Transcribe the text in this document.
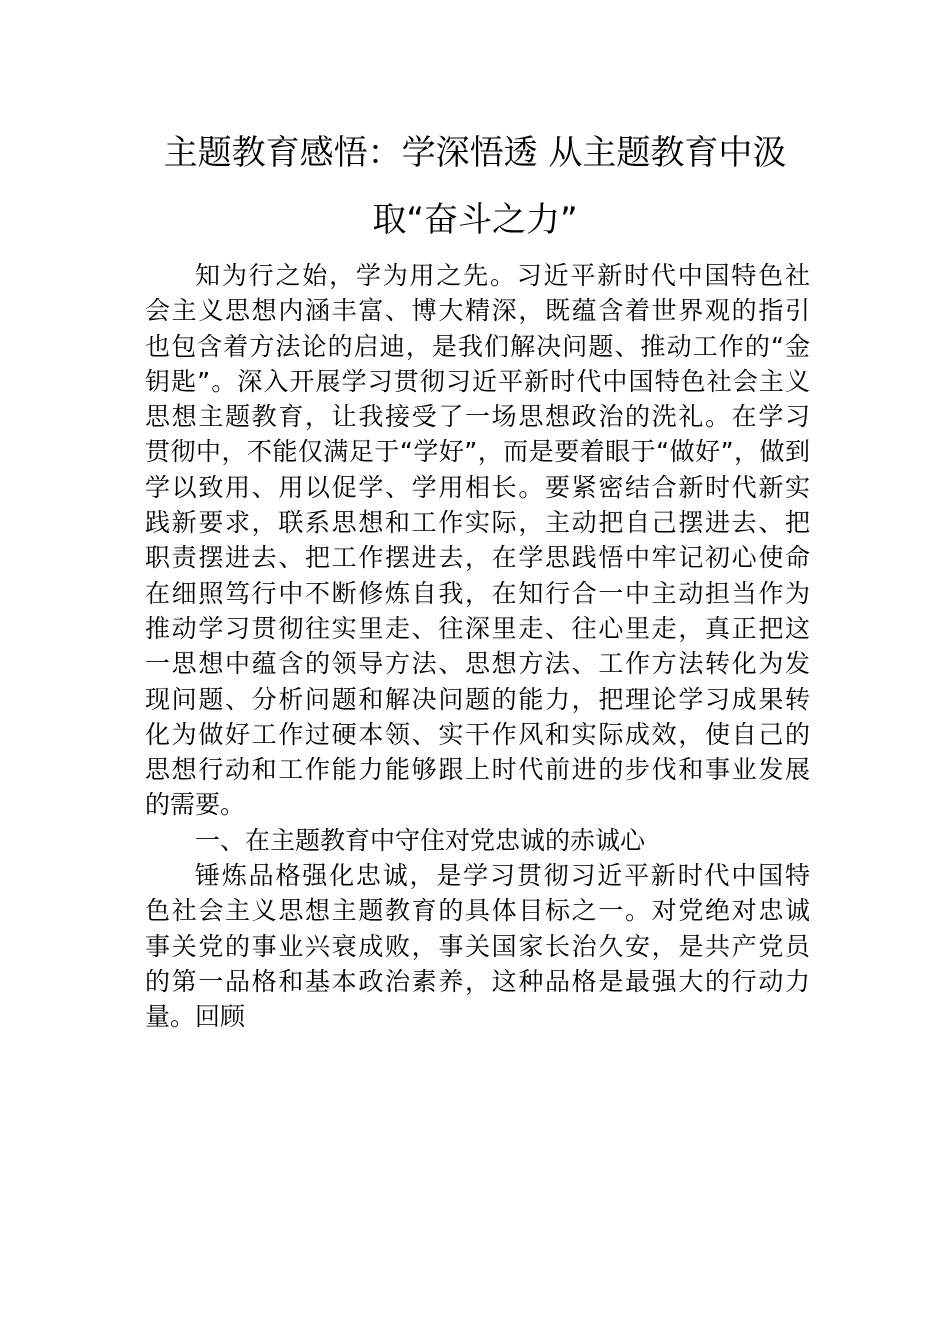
主题教育感悟：学深悟透 从主题教育中汲
取“奋斗之力”
知为行之始，学为用之先。习近平新时代中国特色社
会主义思想内涵丰富、博大精深，既蕴含着世界观的指引
也包含着方法论的启迪，是我们解决问题、推动工作的“金
钥匙”。深入开展学习贯彻习近平新时代中国特色社会主义
思想主题教育，让我接受了一场思想政治的洗礼。在学习
贯彻中，不能仅满足于“学好”，而是要着眼于“做好”，做到
学以致用、用以促学、学用相长。要紧密结合新时代新实
践新要求，联系思想和工作实际，主动把自己摆进去、把
职责摆进去、把工作摆进去，在学思践悟中牢记初心使命
在细照笃行中不断修炼自我，在知行合一中主动担当作为
推动学习贯彻往实里走、往深里走、往心里走，真正把这
一思想中蕴含的领导方法、思想方法、工作方法转化为发
现问题、分析问题和解决问题的能力，把理论学习成果转
化为做好工作过硬本领、实干作风和实际成效，使自己的
思想行动和工作能力能够跟上时代前进的步伐和事业发展
的需要。
一、在主题教育中守住对党忠诚的赤诚心
锤炼品格强化忠诚，是学习贯彻习近平新时代中国特
色社会主义思想主题教育的具体目标之一。对党绝对忠诚
事关党的事业兴衰成败，事关国家长治久安，是共产党员
的第一品格和基本政治素养，这种品格是最强大的行动力
量。回顾
